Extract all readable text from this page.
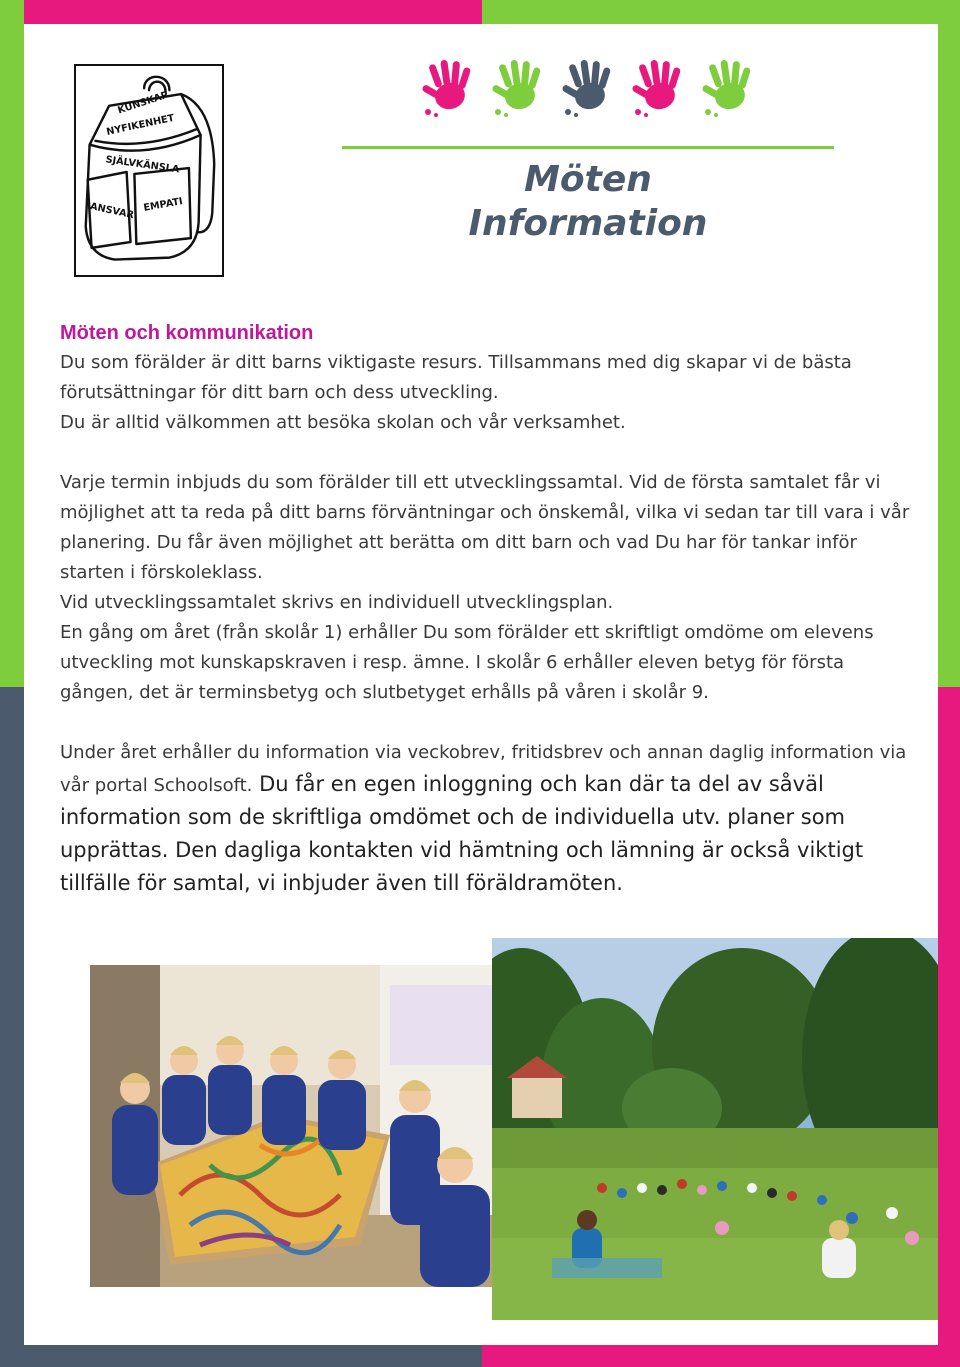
KUNSKAP
NYFIKENHET
SJÄLVKÄNSLA
ANSVAR EMPATI
Möten
Information
Möten och kommunikation

Du som förälder är ditt barns viktigaste resurs. Tillsammans med dig skapar vi de bästa förutsättningar för ditt barn och dess utveckling.

Du är alltid välkommen att besöka skolan och vår verksamhet.

Varje termin inbjuds du som förälder till ett utvecklingssamtal. Vid de första samtalet får vi möjlighet att ta reda på ditt barns förväntningar och önskemål, vilka vi sedan tar till vara i vår planering. Du får även möjlighet att berätta om ditt barn och vad Du har för tankar inför starten i förskoleklass.

Vid utvecklingssamtalet skrivs en individuell utvecklingsplan.

En gång om året (från skolår 1) erhåller Du som förälder ett skriftligt omdöme om elevens utveckling mot kunskapskraven i resp. ämne. I skolår 6 erhåller eleven betyg för första gången, det är terminsbetyg och slutbetyget erhålls på våren i skolår 9.

Under året erhåller du information via veckobrev, fritidsbrev och annan daglig information via vår portal Schoolsoft. Du får en egen inloggning och kan där ta del av såväl information som de skriftliga omdömet och de individuella utv. planer som upprättas. Den dagliga kontakten vid hämtning och lämning är också viktigt tillfälle för samtal, vi inbjuder även till föräldramöten.
